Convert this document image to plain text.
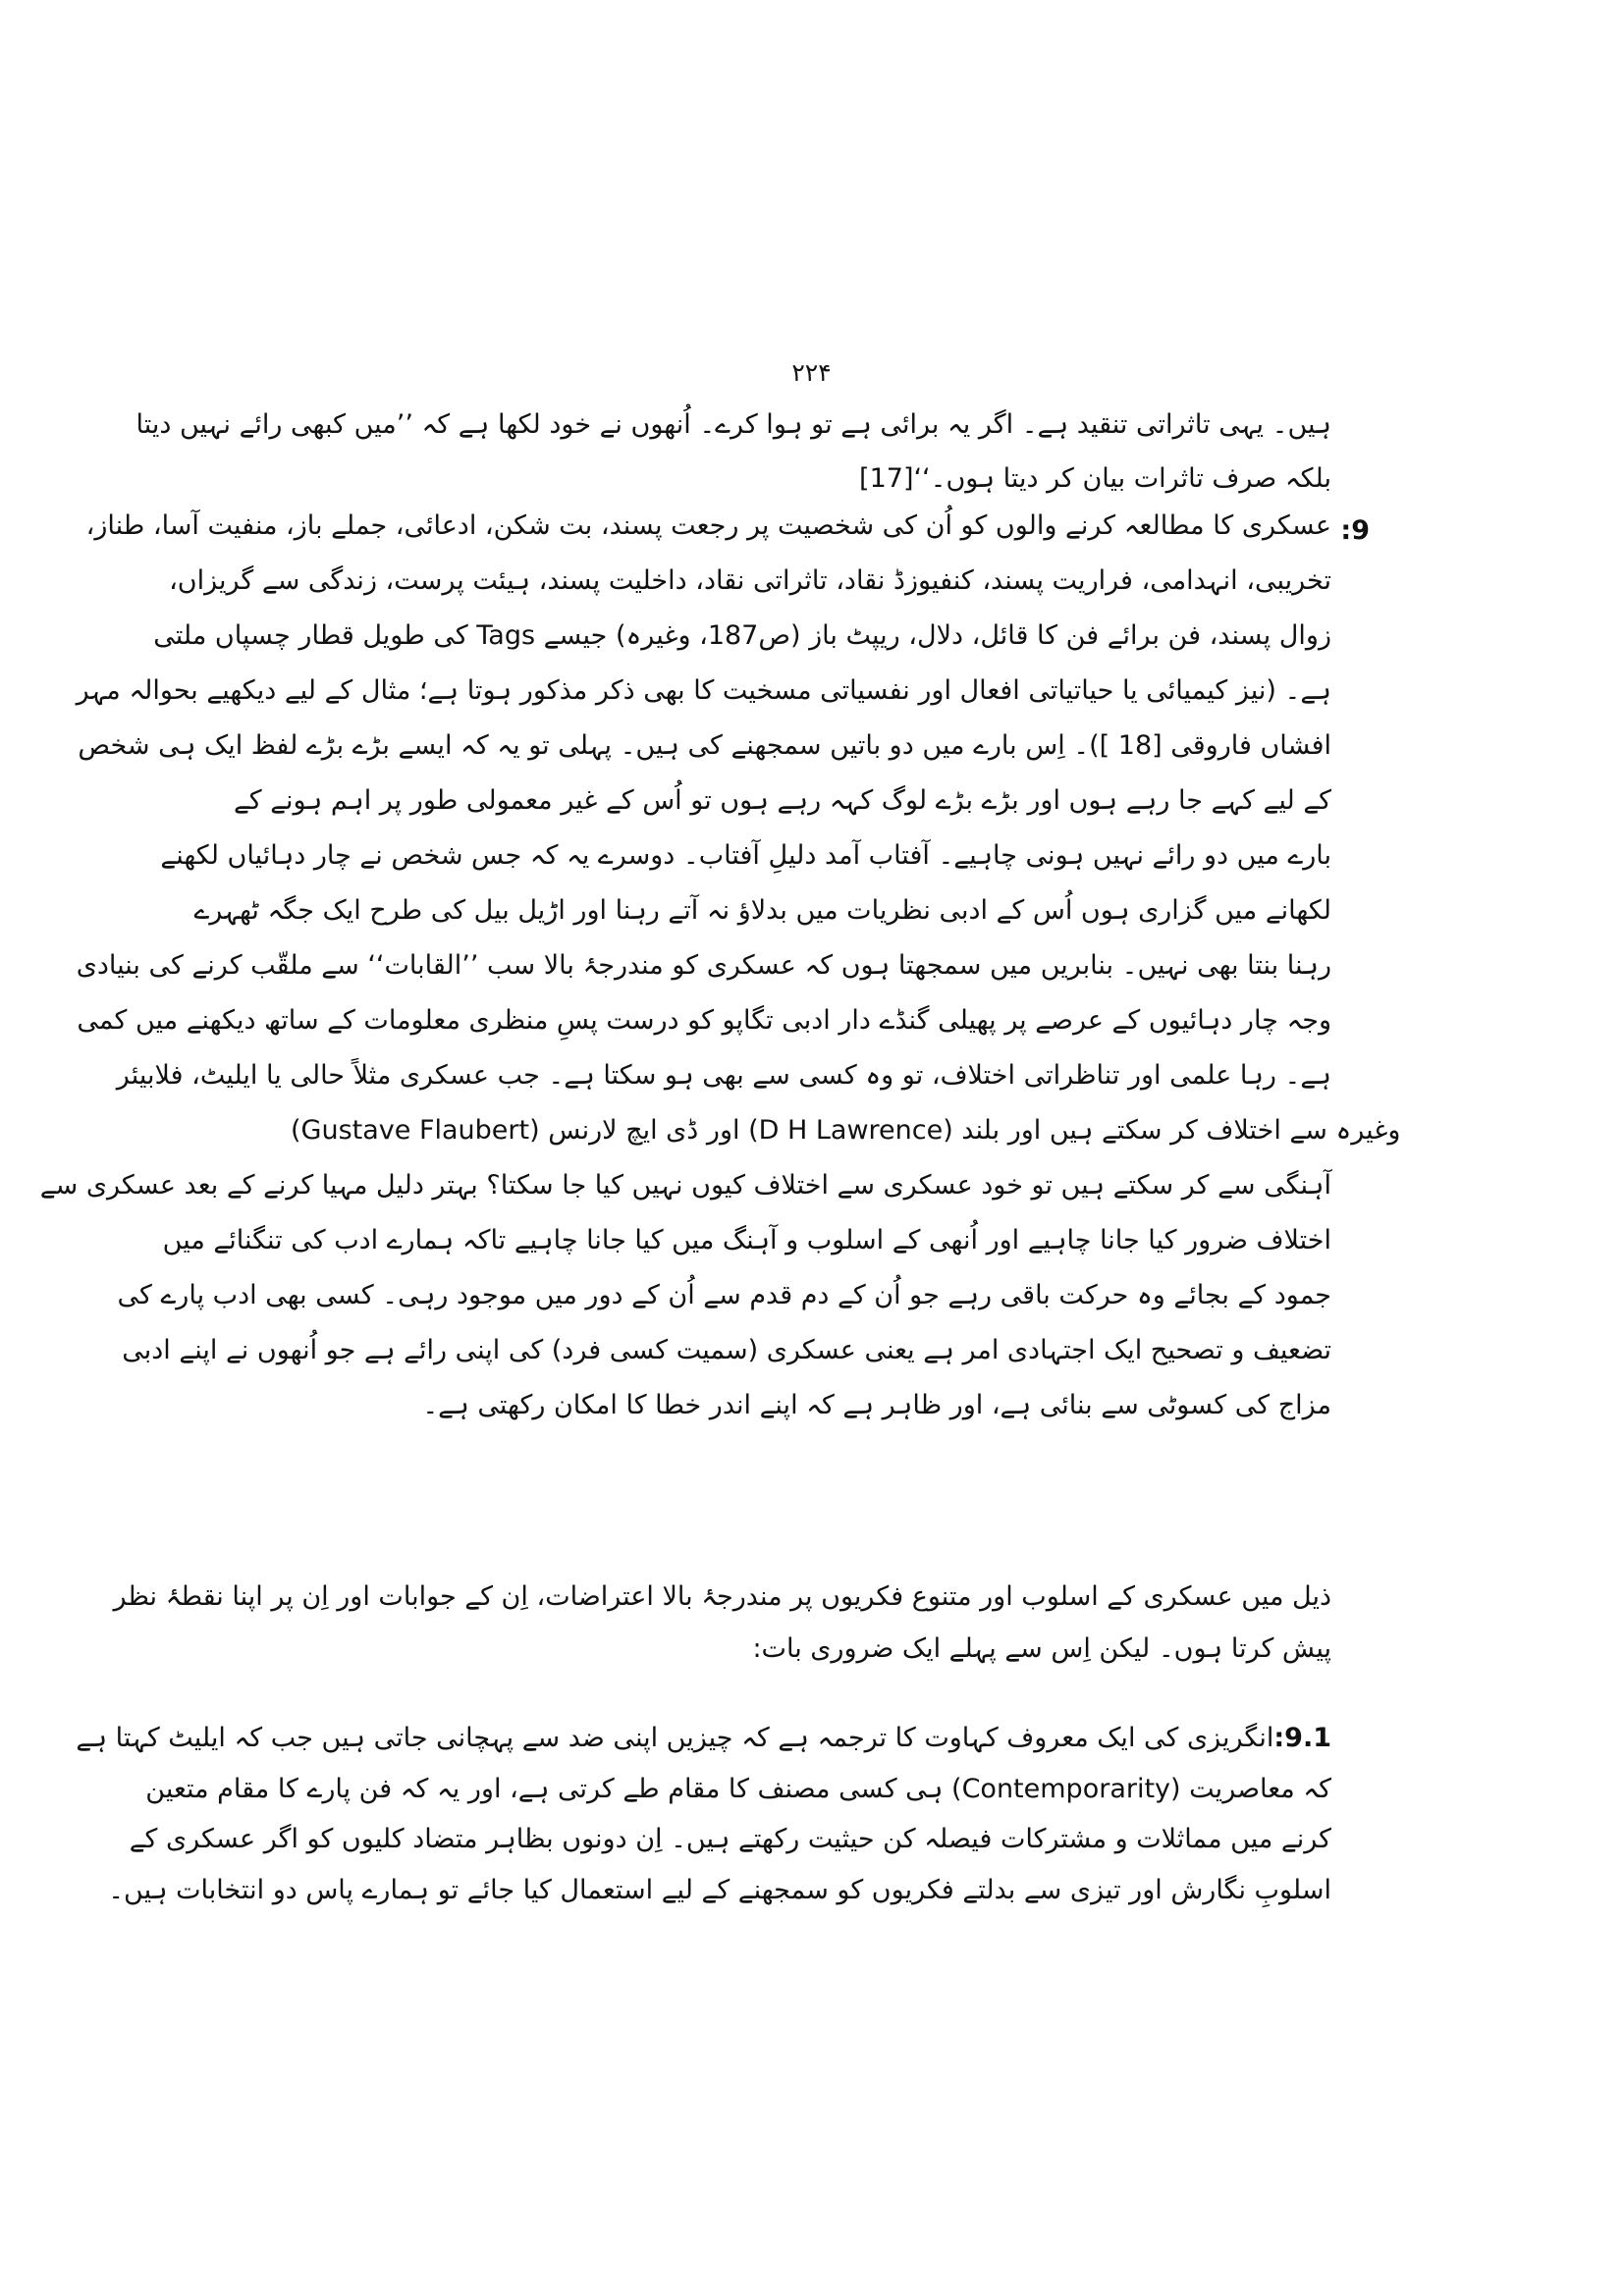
۲۲۴
ہیں۔ یہی تاثراتی تنقید ہے۔ اگر یہ برائی ہے تو ہوا کرے۔ اُنھوں نے خود لکھا ہے کہ ’’میں کبھی رائے نہیں دیتا
بلکہ صرف تاثرات بیان کر دیتا ہوں۔‘‘[17]
:9
عسکری کا مطالعہ کرنے والوں کو اُن کی شخصیت پر رجعت پسند، بت شکن، ادعائی، جملے باز، منفیت آسا، طناز،
تخریبی، انہدامی، فراریت پسند، کنفیوزڈ نقاد، تاثراتی نقاد، داخلیت پسند، ہیئت پرست، زندگی سے گریزاں،
زوال پسند، فن برائے فن کا قائل، دلال، ریپٹ باز (ص187، وغیرہ) جیسے Tags کی طویل قطار چسپاں ملتی
ہے۔ (نیز کیمیائی یا حیاتیاتی افعال اور نفسیاتی مسخیت کا بھی ذکر مذکور ہوتا ہے؛ مثال کے لیے دیکھیے بحوالہ مہر
افشاں فاروقی [18 ])۔ اِس بارے میں دو باتیں سمجھنے کی ہیں۔ پہلی تو یہ کہ ایسے بڑے بڑے لفظ ایک ہی شخص
کے لیے کہے جا رہے ہوں اور بڑے بڑے لوگ کہہ رہے ہوں تو اُس کے غیر معمولی طور پر اہم ہونے کے
بارے میں دو رائے نہیں ہونی چاہیے۔ آفتاب آمد دلیلِ آفتاب۔ دوسرے یہ کہ جس شخص نے چار دہائیاں لکھنے
لکھانے میں گزاری ہوں اُس کے ادبی نظریات میں بدلاؤ نہ آتے رہنا اور اڑیل بیل کی طرح ایک جگہ ٹھہرے
رہنا بنتا بھی نہیں۔ بنابریں میں سمجھتا ہوں کہ عسکری کو مندرجۂ بالا سب ’’القابات‘‘ سے ملقّب کرنے کی بنیادی
وجہ چار دہائیوں کے عرصے پر پھیلی گنڈے دار ادبی تگاپو کو درست پسِ منظری معلومات کے ساتھ دیکھنے میں کمی
ہے۔ رہا علمی اور تناظراتی اختلاف، تو وہ کسی سے بھی ہو سکتا ہے۔ جب عسکری مثلاً حالی یا ایلیٹ، فلابیئر
(Gustave Flaubert) اور ڈی ایچ لارنس (D H Lawrence) وغیرہ سے اختلاف کر سکتے ہیں اور بلند
آہنگی سے کر سکتے ہیں تو خود عسکری سے اختلاف کیوں نہیں کیا جا سکتا؟ بہتر دلیل مہیا کرنے کے بعد عسکری سے
اختلاف ضرور کیا جانا چاہیے اور اُنھی کے اسلوب و آہنگ میں کیا جانا چاہیے تاکہ ہمارے ادب کی تنگنائے میں
جمود کے بجائے وہ حرکت باقی رہے جو اُن کے دم قدم سے اُن کے دور میں موجود رہی۔ کسی بھی ادب پارے کی
تضعیف و تصحیح ایک اجتہادی امر ہے یعنی عسکری (سمیت کسی فرد) کی اپنی رائے ہے جو اُنھوں نے اپنے ادبی
مزاج کی کسوٹی سے بنائی ہے، اور ظاہر ہے کہ اپنے اندر خطا کا امکان رکھتی ہے۔
ذیل میں عسکری کے اسلوب اور متنوع فکریوں پر مندرجۂ بالا اعتراضات، اِن کے جوابات اور اِن پر اپنا نقطۂ نظر
پیش کرتا ہوں۔ لیکن اِس سے پہلے ایک ضروری بات:
9.1:انگریزی کی ایک معروف کہاوت کا ترجمہ ہے کہ چیزیں اپنی ضد سے پہچانی جاتی ہیں جب کہ ایلیٹ کہتا ہے
کہ معاصریت (Contemporarity) ہی کسی مصنف کا مقام طے کرتی ہے، اور یہ کہ فن پارے کا مقام متعین
کرنے میں مماثلات و مشترکات فیصلہ کن حیثیت رکھتے ہیں۔ اِن دونوں بظاہر متضاد کلیوں کو اگر عسکری کے
اسلوبِ نگارش اور تیزی سے بدلتے فکریوں کو سمجھنے کے لیے استعمال کیا جائے تو ہمارے پاس دو انتخابات ہیں۔
